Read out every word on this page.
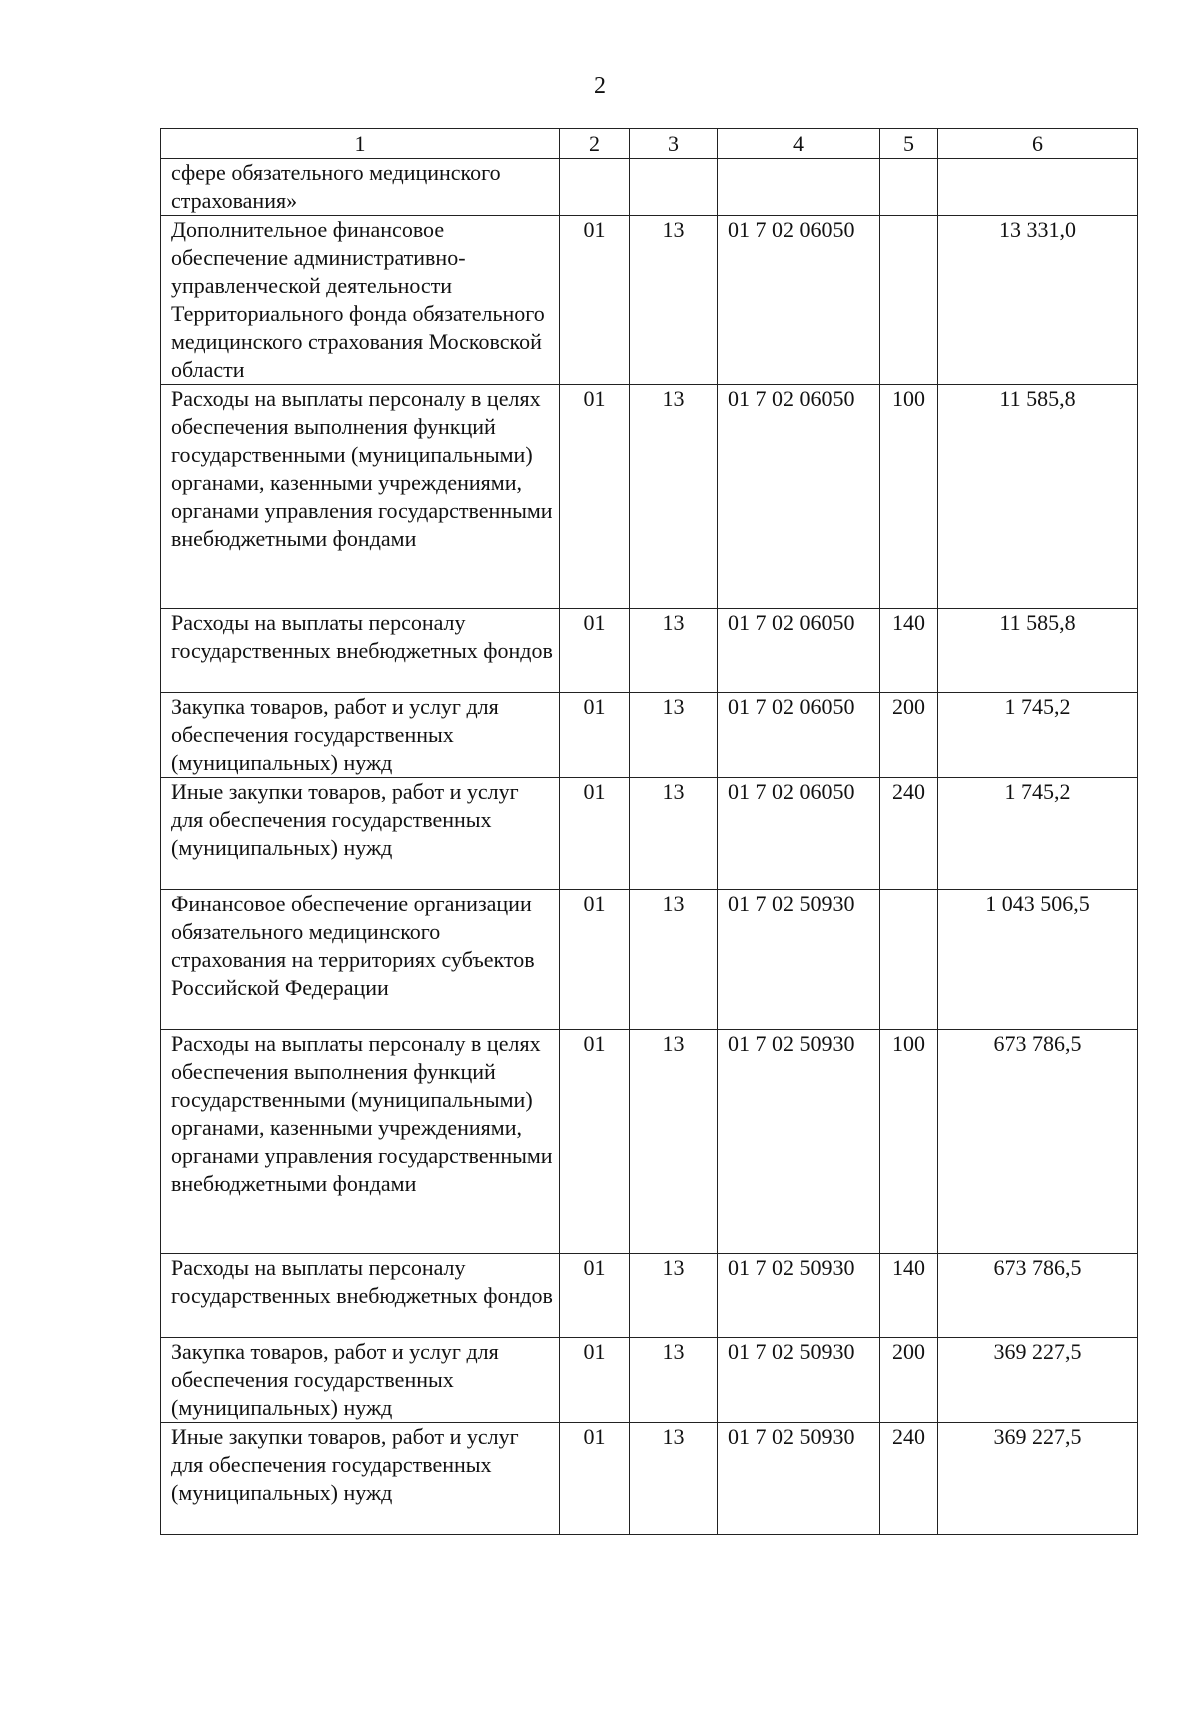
2
1	2	3	4	5	6
сфере обязательного медицинского страхования»					
Дополнительное финансовое обеспечение административно-управленческой деятельности Территориального фонда обязательного медицинского страхования Московской области	01	13	01 7 02 06050		13 331,0
Расходы на выплаты персоналу в целях обеспечения выполнения функций государственными (муниципальными) органами, казенными учреждениями, органами управления государственными внебюджетными фондами	01	13	01 7 02 06050	100	11 585,8
Расходы на выплаты персоналу государственных внебюджетных фондов	01	13	01 7 02 06050	140	11 585,8
Закупка товаров, работ и услуг для обеспечения государственных (муниципальных) нужд	01	13	01 7 02 06050	200	1 745,2
Иные закупки товаров, работ и услуг для обеспечения государственных (муниципальных) нужд	01	13	01 7 02 06050	240	1 745,2
Финансовое обеспечение организации обязательного медицинского страхования на территориях субъектов Российской Федерации	01	13	01 7 02 50930		1 043 506,5
Расходы на выплаты персоналу в целях обеспечения выполнения функций государственными (муниципальными) органами, казенными учреждениями, органами управления государственными внебюджетными фондами	01	13	01 7 02 50930	100	673 786,5
Расходы на выплаты персоналу государственных внебюджетных фондов	01	13	01 7 02 50930	140	673 786,5
Закупка товаров, работ и услуг для обеспечения государственных (муниципальных) нужд	01	13	01 7 02 50930	200	369 227,5
Иные закупки товаров, работ и услуг для обеспечения государственных (муниципальных) нужд	01	13	01 7 02 50930	240	369 227,5
